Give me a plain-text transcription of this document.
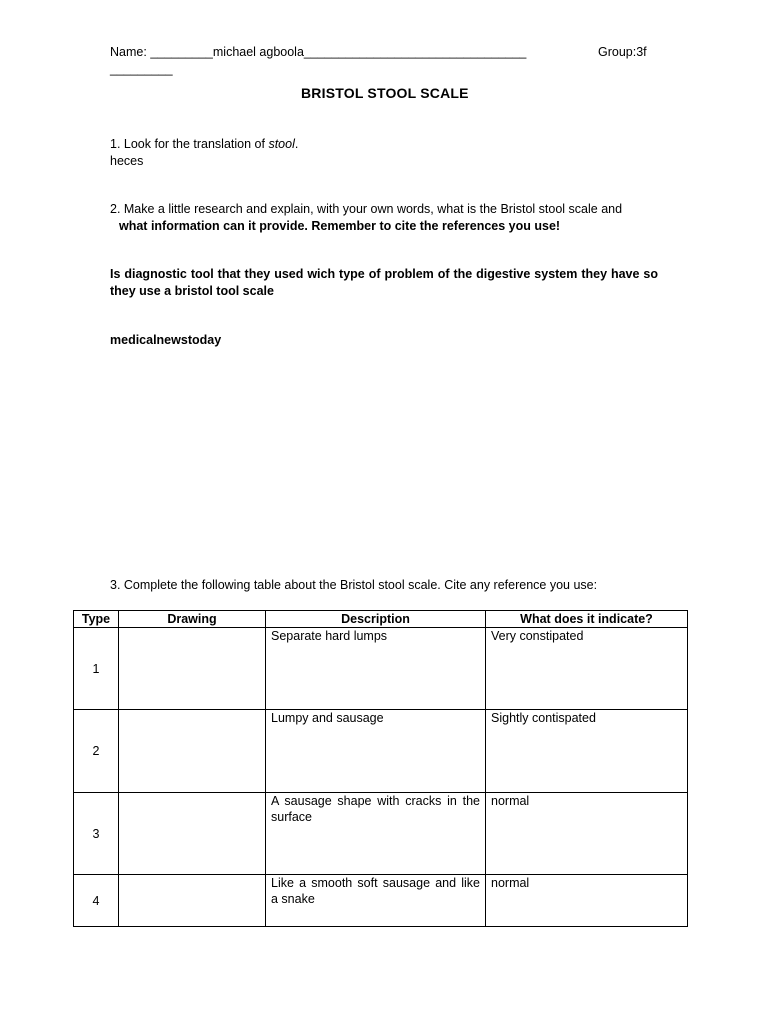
Name: _________michael agboola________________________________	Group:3f
_________
BRISTOL STOOL SCALE
1. Look for the translation of stool.
heces
2. Make a little research and explain, with your own words, what is the Bristol stool scale and
what information can it provide. Remember to cite the references you use!
Is diagnostic tool that they used wich type of problem of the digestive system they have so they use a bristol tool scale
medicalnewstoday
3. Complete the following table about the Bristol stool scale. Cite any reference you use:
Type	Drawing	Description	What does it indicate?
1		Separate hard lumps	Very constipated
2		Lumpy and sausage	Sightly contispated
3		A sausage shape with cracks in the surface	normal
4		Like a smooth soft sausage and like a snake	normal
